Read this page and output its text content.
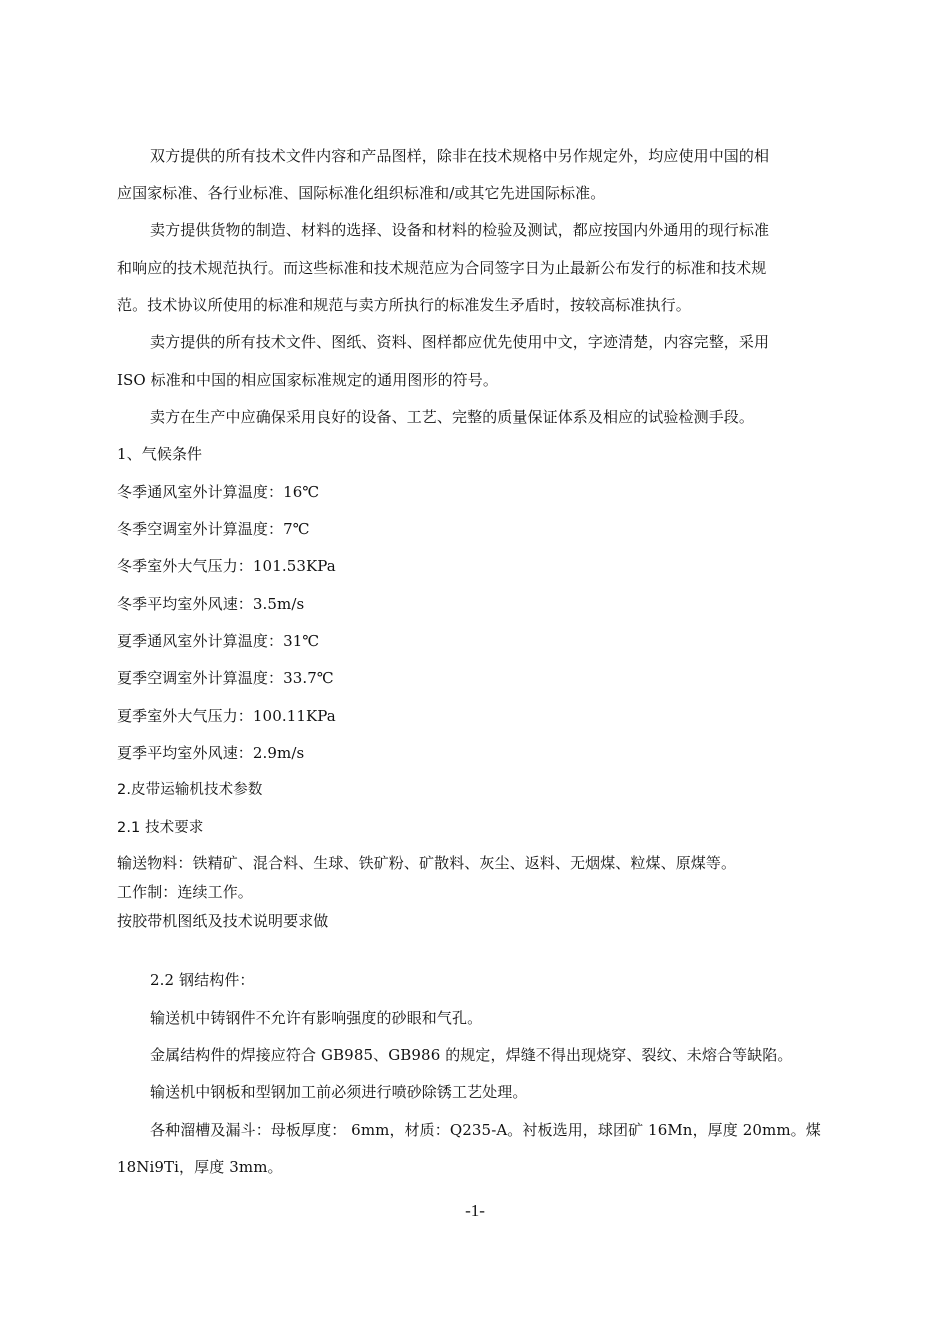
双方提供的所有技术文件内容和产品图样，除非在技术规格中另作规定外，均应使用中国的相
应国家标准、各行业标准、国际标准化组织标准和/或其它先进国际标准。
卖方提供货物的制造、材料的选择、设备和材料的检验及测试，都应按国内外通用的现行标准
和响应的技术规范执行。而这些标准和技术规范应为合同签字日为止最新公布发行的标准和技术规
范。技术协议所使用的标准和规范与卖方所执行的标准发生矛盾时，按较高标准执行。
卖方提供的所有技术文件、图纸、资料、图样都应优先使用中文，字迹清楚，内容完整，采用
ISO 标准和中国的相应国家标准规定的通用图形的符号。
卖方在生产中应确保采用良好的设备、工艺、完整的质量保证体系及相应的试验检测手段。
1、气候条件
冬季通风室外计算温度：16℃
冬季空调室外计算温度：7℃
冬季室外大气压力：101.53KPa
冬季平均室外风速：3.5m/s
夏季通风室外计算温度：31℃
夏季空调室外计算温度：33.7℃
夏季室外大气压力：100.11KPa
夏季平均室外风速：2.9m/s
2.皮带运输机技术参数
2.1 技术要求
输送物料：铁精矿、混合料、生球、铁矿粉、矿散料、灰尘、返料、无烟煤、粒煤、原煤等。
工作制：连续工作。
按胶带机图纸及技术说明要求做
2.2 钢结构件：
输送机中铸钢件不允许有影响强度的砂眼和气孔。
金属结构件的焊接应符合 GB985、GB986 的规定，焊缝不得出现烧穿、裂纹、未熔合等缺陷。
输送机中钢板和型钢加工前必须进行喷砂除锈工艺处理。
各种溜槽及漏斗：母板厚度： 6mm，材质：Q235-A。衬板选用，球团矿 16Mn，厚度 20mm。煤
18Ni9Ti，厚度 3mm。
-1-
